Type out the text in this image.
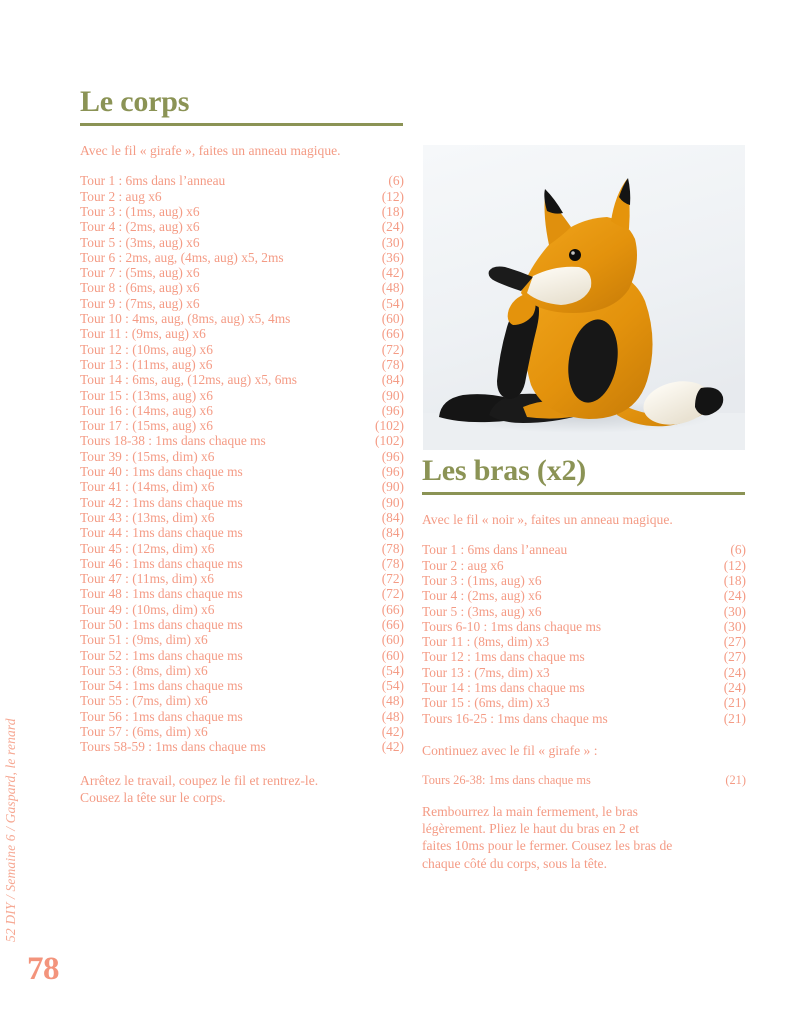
52 DIY / Semaine 6 / Gaspard, le renard
78
Le corps

Avec le fil « girafe », faites un anneau magique.

Tour 1 : 6ms dans l’anneau	(6)
Tour 2 : aug x6	(12)
Tour 3 : (1ms, aug) x6	(18)
Tour 4 : (2ms, aug) x6	(24)
Tour 5 : (3ms, aug) x6	(30)
Tour 6 : 2ms, aug, (4ms, aug) x5, 2ms	(36)
Tour 7 : (5ms, aug) x6	(42)
Tour 8 : (6ms, aug) x6	(48)
Tour 9 : (7ms, aug) x6	(54)
Tour 10 : 4ms, aug, (8ms, aug) x5, 4ms	(60)
Tour 11 : (9ms, aug) x6	(66)
Tour 12 : (10ms, aug) x6	(72)
Tour 13 : (11ms, aug) x6	(78)
Tour 14 : 6ms, aug, (12ms, aug) x5, 6ms	(84)
Tour 15 : (13ms, aug) x6	(90)
Tour 16 : (14ms, aug) x6	(96)
Tour 17 : (15ms, aug) x6	(102)
Tours 18-38 : 1ms dans chaque ms	(102)
Tour 39 : (15ms, dim) x6	(96)
Tour 40 : 1ms dans chaque ms	(96)
Tour 41 : (14ms, dim) x6	(90)
Tour 42 : 1ms dans chaque ms	(90)
Tour 43 : (13ms, dim) x6	(84)
Tour 44 : 1ms dans chaque ms	(84)
Tour 45 : (12ms, dim) x6	(78)
Tour 46 : 1ms dans chaque ms	(78)
Tour 47 : (11ms, dim) x6	(72)
Tour 48 : 1ms dans chaque ms	(72)
Tour 49 : (10ms, dim) x6	(66)
Tour 50 : 1ms dans chaque ms	(66)
Tour 51 : (9ms, dim) x6	(60)
Tour 52 : 1ms dans chaque ms	(60)
Tour 53 : (8ms, dim) x6	(54)
Tour 54 : 1ms dans chaque ms	(54)
Tour 55 : (7ms, dim) x6	(48)
Tour 56 : 1ms dans chaque ms	(48)
Tour 57 : (6ms, dim) x6	(42)
Tours 58-59 : 1ms dans chaque ms	(42)

Arrêtez le travail, coupez le fil et rentrez-le.
Cousez la tête sur le corps.

Les bras (x2)

Avec le fil « noir », faites un anneau magique.

Tour 1 : 6ms dans l’anneau	(6)
Tour 2 : aug x6	(12)
Tour 3 : (1ms, aug) x6	(18)
Tour 4 : (2ms, aug) x6	(24)
Tour 5 : (3ms, aug) x6	(30)
Tours 6-10 : 1ms dans chaque ms	(30)
Tour 11 : (8ms, dim) x3	(27)
Tour 12 : 1ms dans chaque ms	(27)
Tour 13 : (7ms, dim) x3	(24)
Tour 14 : 1ms dans chaque ms	(24)
Tour 15 : (6ms, dim) x3	(21)
Tours 16-25 : 1ms dans chaque ms	(21)

Continuez avec le fil « girafe » :

Tours 26-38: 1ms dans chaque ms	(21)

Rembourrez la main fermement, le bras
légèrement. Pliez le haut du bras en 2 et
faites 10ms pour le fermer. Cousez les bras de
chaque côté du corps, sous la tête.
